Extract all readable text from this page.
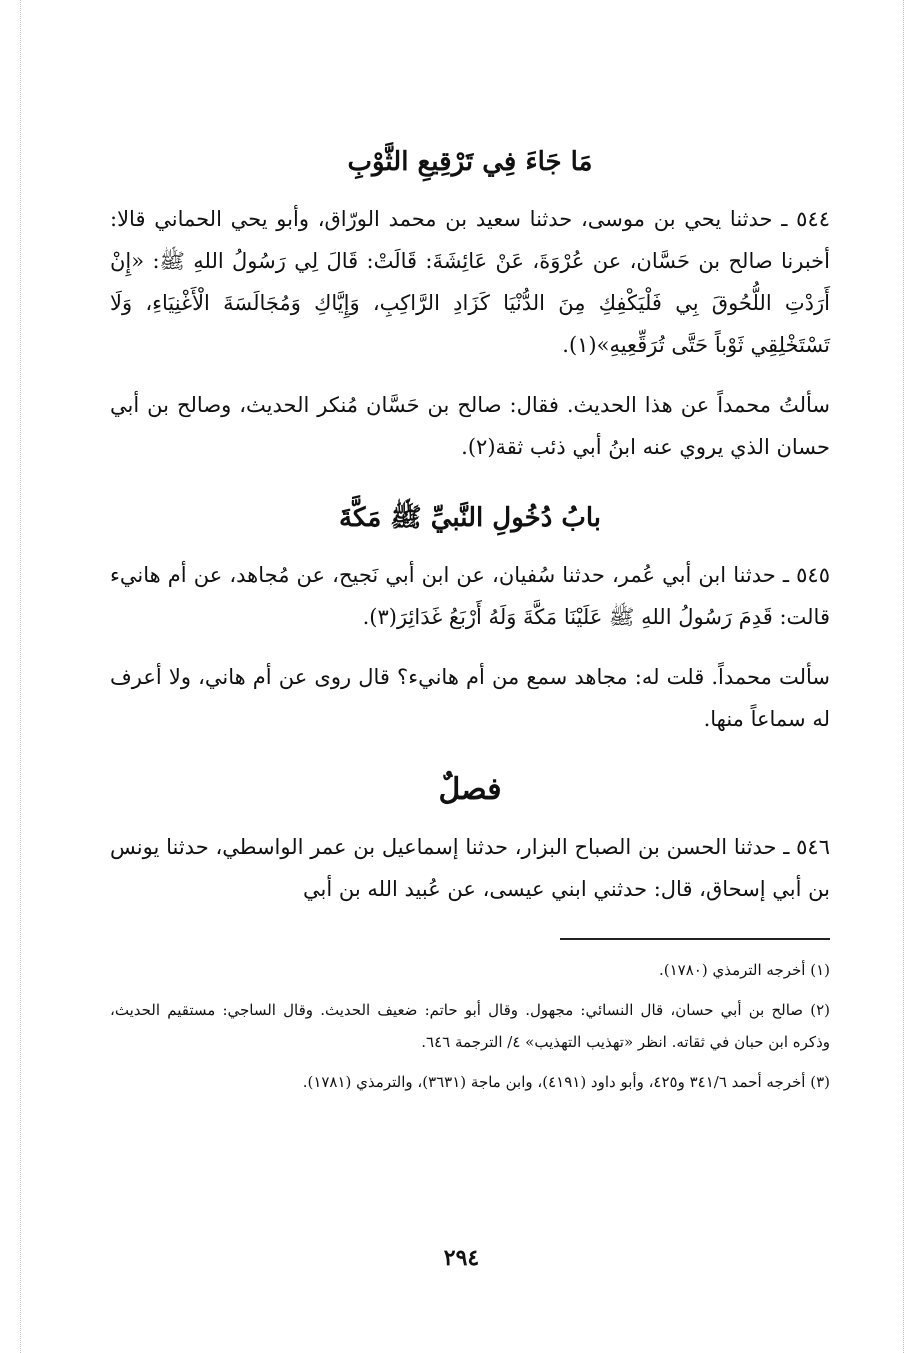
مَا جَاءَ فِي تَرْقِيعِ الثَّوْبِ

٥٤٤ ـ حدثنا يحي بن موسى، حدثنا سعيد بن محمد الورّاق، وأبو يحي الحماني قالا: أخبرنا صالح بن حَسَّان، عن عُرْوَةَ، عَنْ عَائِشَةَ: قَالَتْ: قَالَ لِي رَسُولُ اللهِ ﷺ: «إِنْ أَرَدْتِ اللُّحُوقَ بِي فَلْيَكْفِكِ مِنَ الدُّنْيَا كَزَادِ الرَّاكِبِ، وَإِيَّاكِ وَمُجَالَسَةَ الْأَغْنِيَاءِ، وَلَا تَسْتَخْلِقِي ثَوْباً حَتَّى تُرَقِّعِيهِ»(١).

سألتُ محمداً عن هذا الحديث. فقال: صالح بن حَسَّان مُنكر الحديث، وصالح بن أبي حسان الذي يروي عنه ابنُ أبي ذئب ثقة(٢).

بابُ دُخُولِ النَّبيِّ ﷺ مَكَّةَ

٥٤٥ ـ حدثنا ابن أبي عُمر، حدثنا سُفيان، عن ابن أبي نَجيح، عن مُجاهد، عن أم هانيء قالت: قَدِمَ رَسُولُ اللهِ ﷺ عَلَيْنَا مَكَّةَ وَلَهُ أَرْبَعُ غَدَائِرَ(٣).

سألت محمداً. قلت له: مجاهد سمع من أم هانيء؟ قال روى عن أم هاني، ولا أعرف له سماعاً منها.

فصلٌ

٥٤٦ ـ حدثنا الحسن بن الصباح البزار، حدثنا إسماعيل بن عمر الواسطي، حدثنا يونس بن أبي إسحاق، قال: حدثني ابني عيسى، عن عُبيد الله بن أبي

(١) أخرجه الترمذي (١٧٨٠).

(٢) صالح بن أبي حسان، قال النسائي: مجهول. وقال أبو حاتم: ضعيف الحديث. وقال الساجي: مستقيم الحديث، وذكره ابن حبان في ثقاته. انظر «تهذيب التهذيب» ٤/ الترجمة ٦٤٦.

(٣) أخرجه أحمد ٣٤١/٦ و٤٢٥، وأبو داود (٤١٩١)، وابن ماجة (٣٦٣١)، والترمذي (١٧٨١).

٢٩٤
